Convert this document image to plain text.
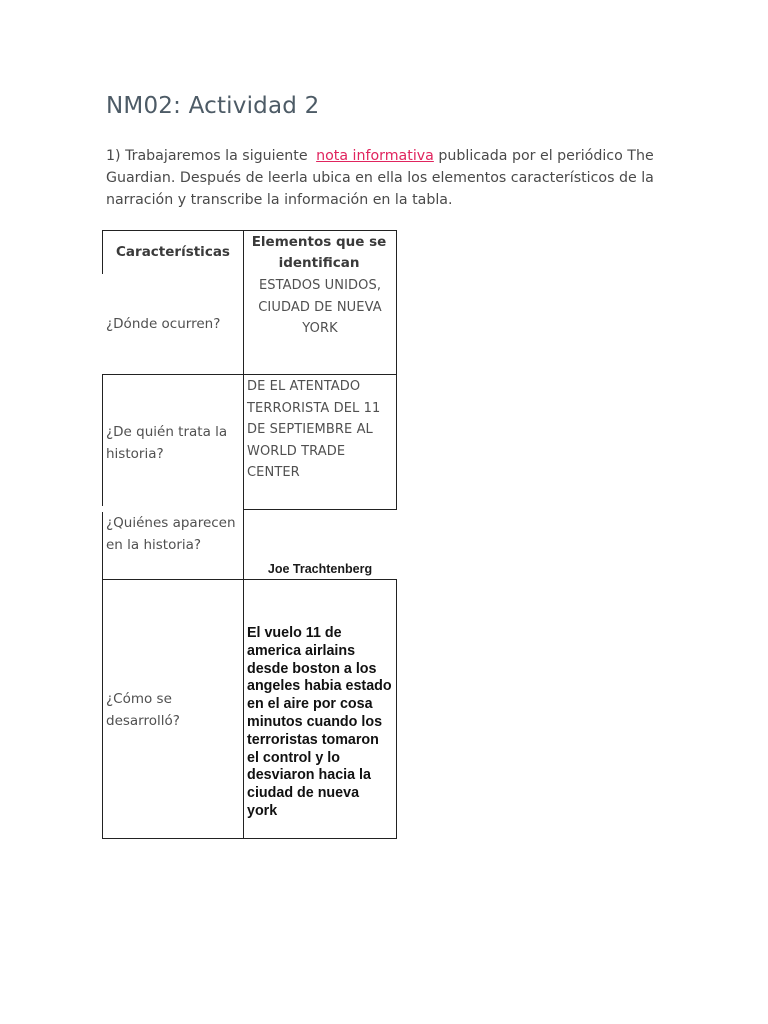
NM02: Actividad 2

1) Trabajaremos la siguiente nota informativa publicada por el periódico The Guardian. Después de leerla ubica en ella los elementos característicos de la narración y transcribe la información en la tabla.

Características
Elementos que se identifican
¿Dónde ocurren?
ESTADOS UNIDOS, CIUDAD DE NUEVA YORK
¿De quién trata la historia?
DE EL ATENTADO TERRORISTA DEL 11 DE SEPTIEMBRE AL WORLD TRADE CENTER
¿Quiénes aparecen en la historia?
Joe Trachtenberg
¿Cómo se desarrolló?
El vuelo 11 de america airlains desde boston a los angeles habia estado en el aire por cosa minutos cuando los terroristas tomaron el control y lo desviaron hacia la ciudad de nueva york
